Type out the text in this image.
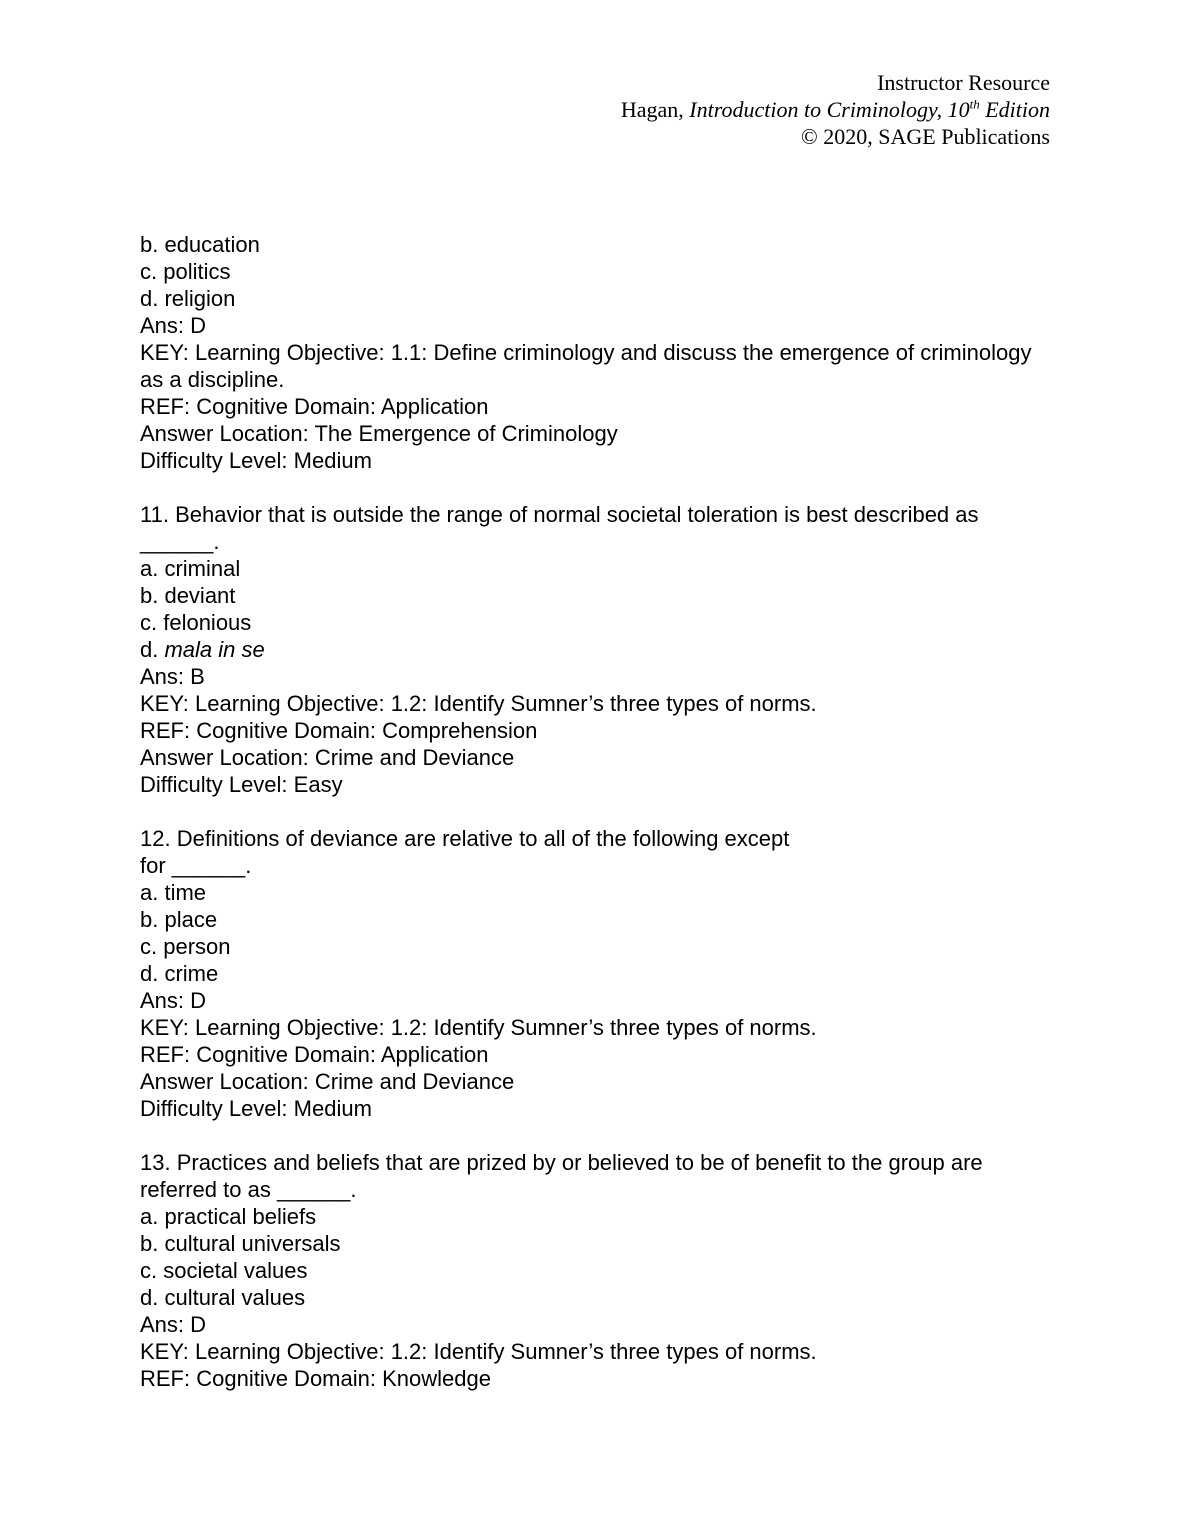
Instructor Resource
Hagan, Introduction to Criminology, 10th Edition
© 2020, SAGE Publications
b. education
c. politics
d. religion
Ans: D
KEY: Learning Objective: 1.1: Define criminology and discuss the emergence of criminology as a discipline.
REF: Cognitive Domain: Application
Answer Location: The Emergence of Criminology
Difficulty Level: Medium
11. Behavior that is outside the range of normal societal toleration is best described as ______.
a. criminal
b. deviant
c. felonious
d. mala in se
Ans: B
KEY: Learning Objective: 1.2: Identify Sumner’s three types of norms.
REF: Cognitive Domain: Comprehension
Answer Location: Crime and Deviance
Difficulty Level: Easy
12. Definitions of deviance are relative to all of the following except
for ______.
a. time
b. place
c. person
d. crime
Ans: D
KEY: Learning Objective: 1.2: Identify Sumner’s three types of norms.
REF: Cognitive Domain: Application
Answer Location: Crime and Deviance
Difficulty Level: Medium
13. Practices and beliefs that are prized by or believed to be of benefit to the group are referred to as ______.
a. practical beliefs
b. cultural universals
c. societal values
d. cultural values
Ans: D
KEY: Learning Objective: 1.2: Identify Sumner’s three types of norms.
REF: Cognitive Domain: Knowledge
